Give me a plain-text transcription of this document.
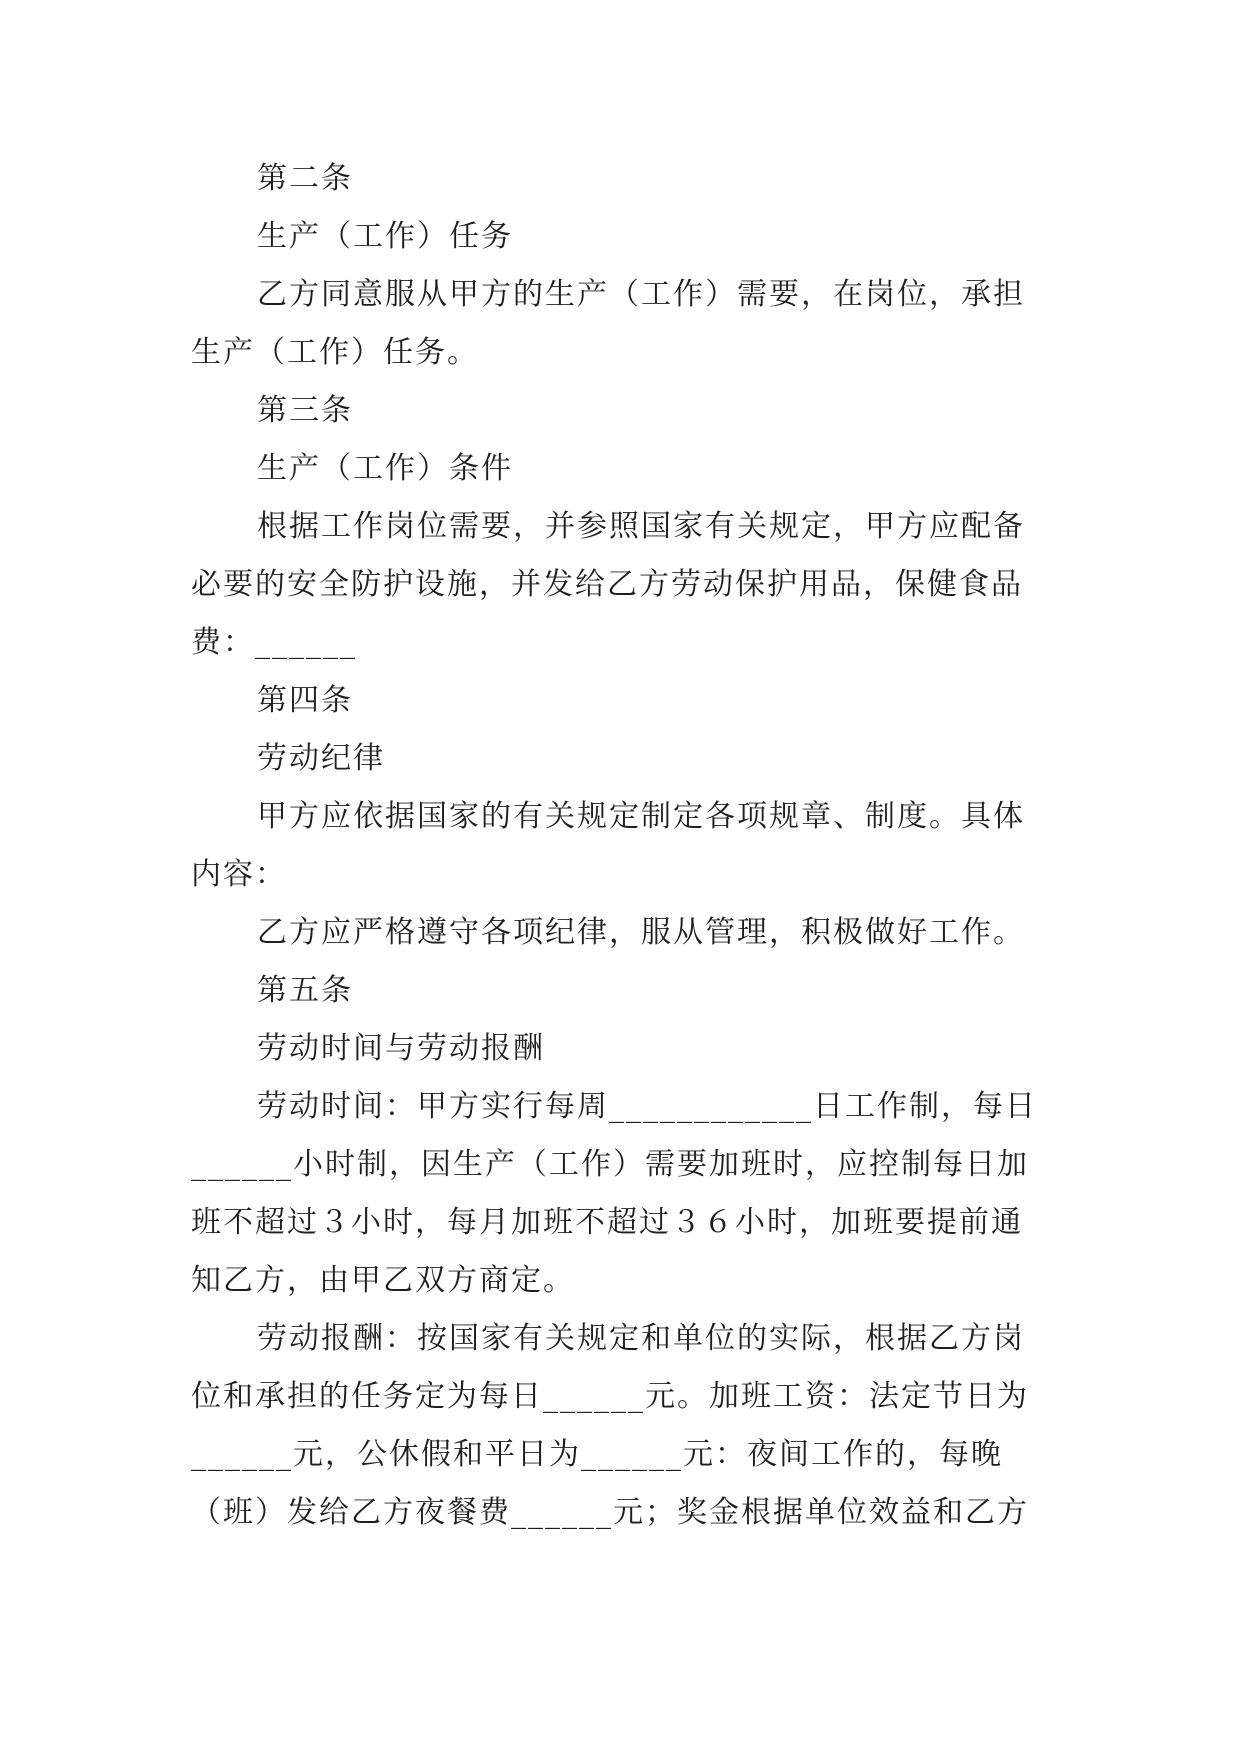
第二条
生产（工作）任务
乙方同意服从甲方的生产（工作）需要，在岗位，承担
生产（工作）任务。
第三条
生产（工作）条件
根据工作岗位需要，并参照国家有关规定，甲方应配备
必要的安全防护设施，并发给乙方劳动保护用品，保健食品
费：______
第四条
劳动纪律
甲方应依据国家的有关规定制定各项规章、制度。具体
内容：
乙方应严格遵守各项纪律，服从管理，积极做好工作。
第五条
劳动时间与劳动报酬
劳动时间：甲方实行每周____________日工作制，每日
______小时制，因生产（工作）需要加班时，应控制每日加
班不超过３小时，每月加班不超过３６小时，加班要提前通
知乙方，由甲乙双方商定。
劳动报酬：按国家有关规定和单位的实际，根据乙方岗
位和承担的任务定为每日______元。加班工资：法定节日为
______元，公休假和平日为______元：夜间工作的，每晚
（班）发给乙方夜餐费______元；奖金根据单位效益和乙方
